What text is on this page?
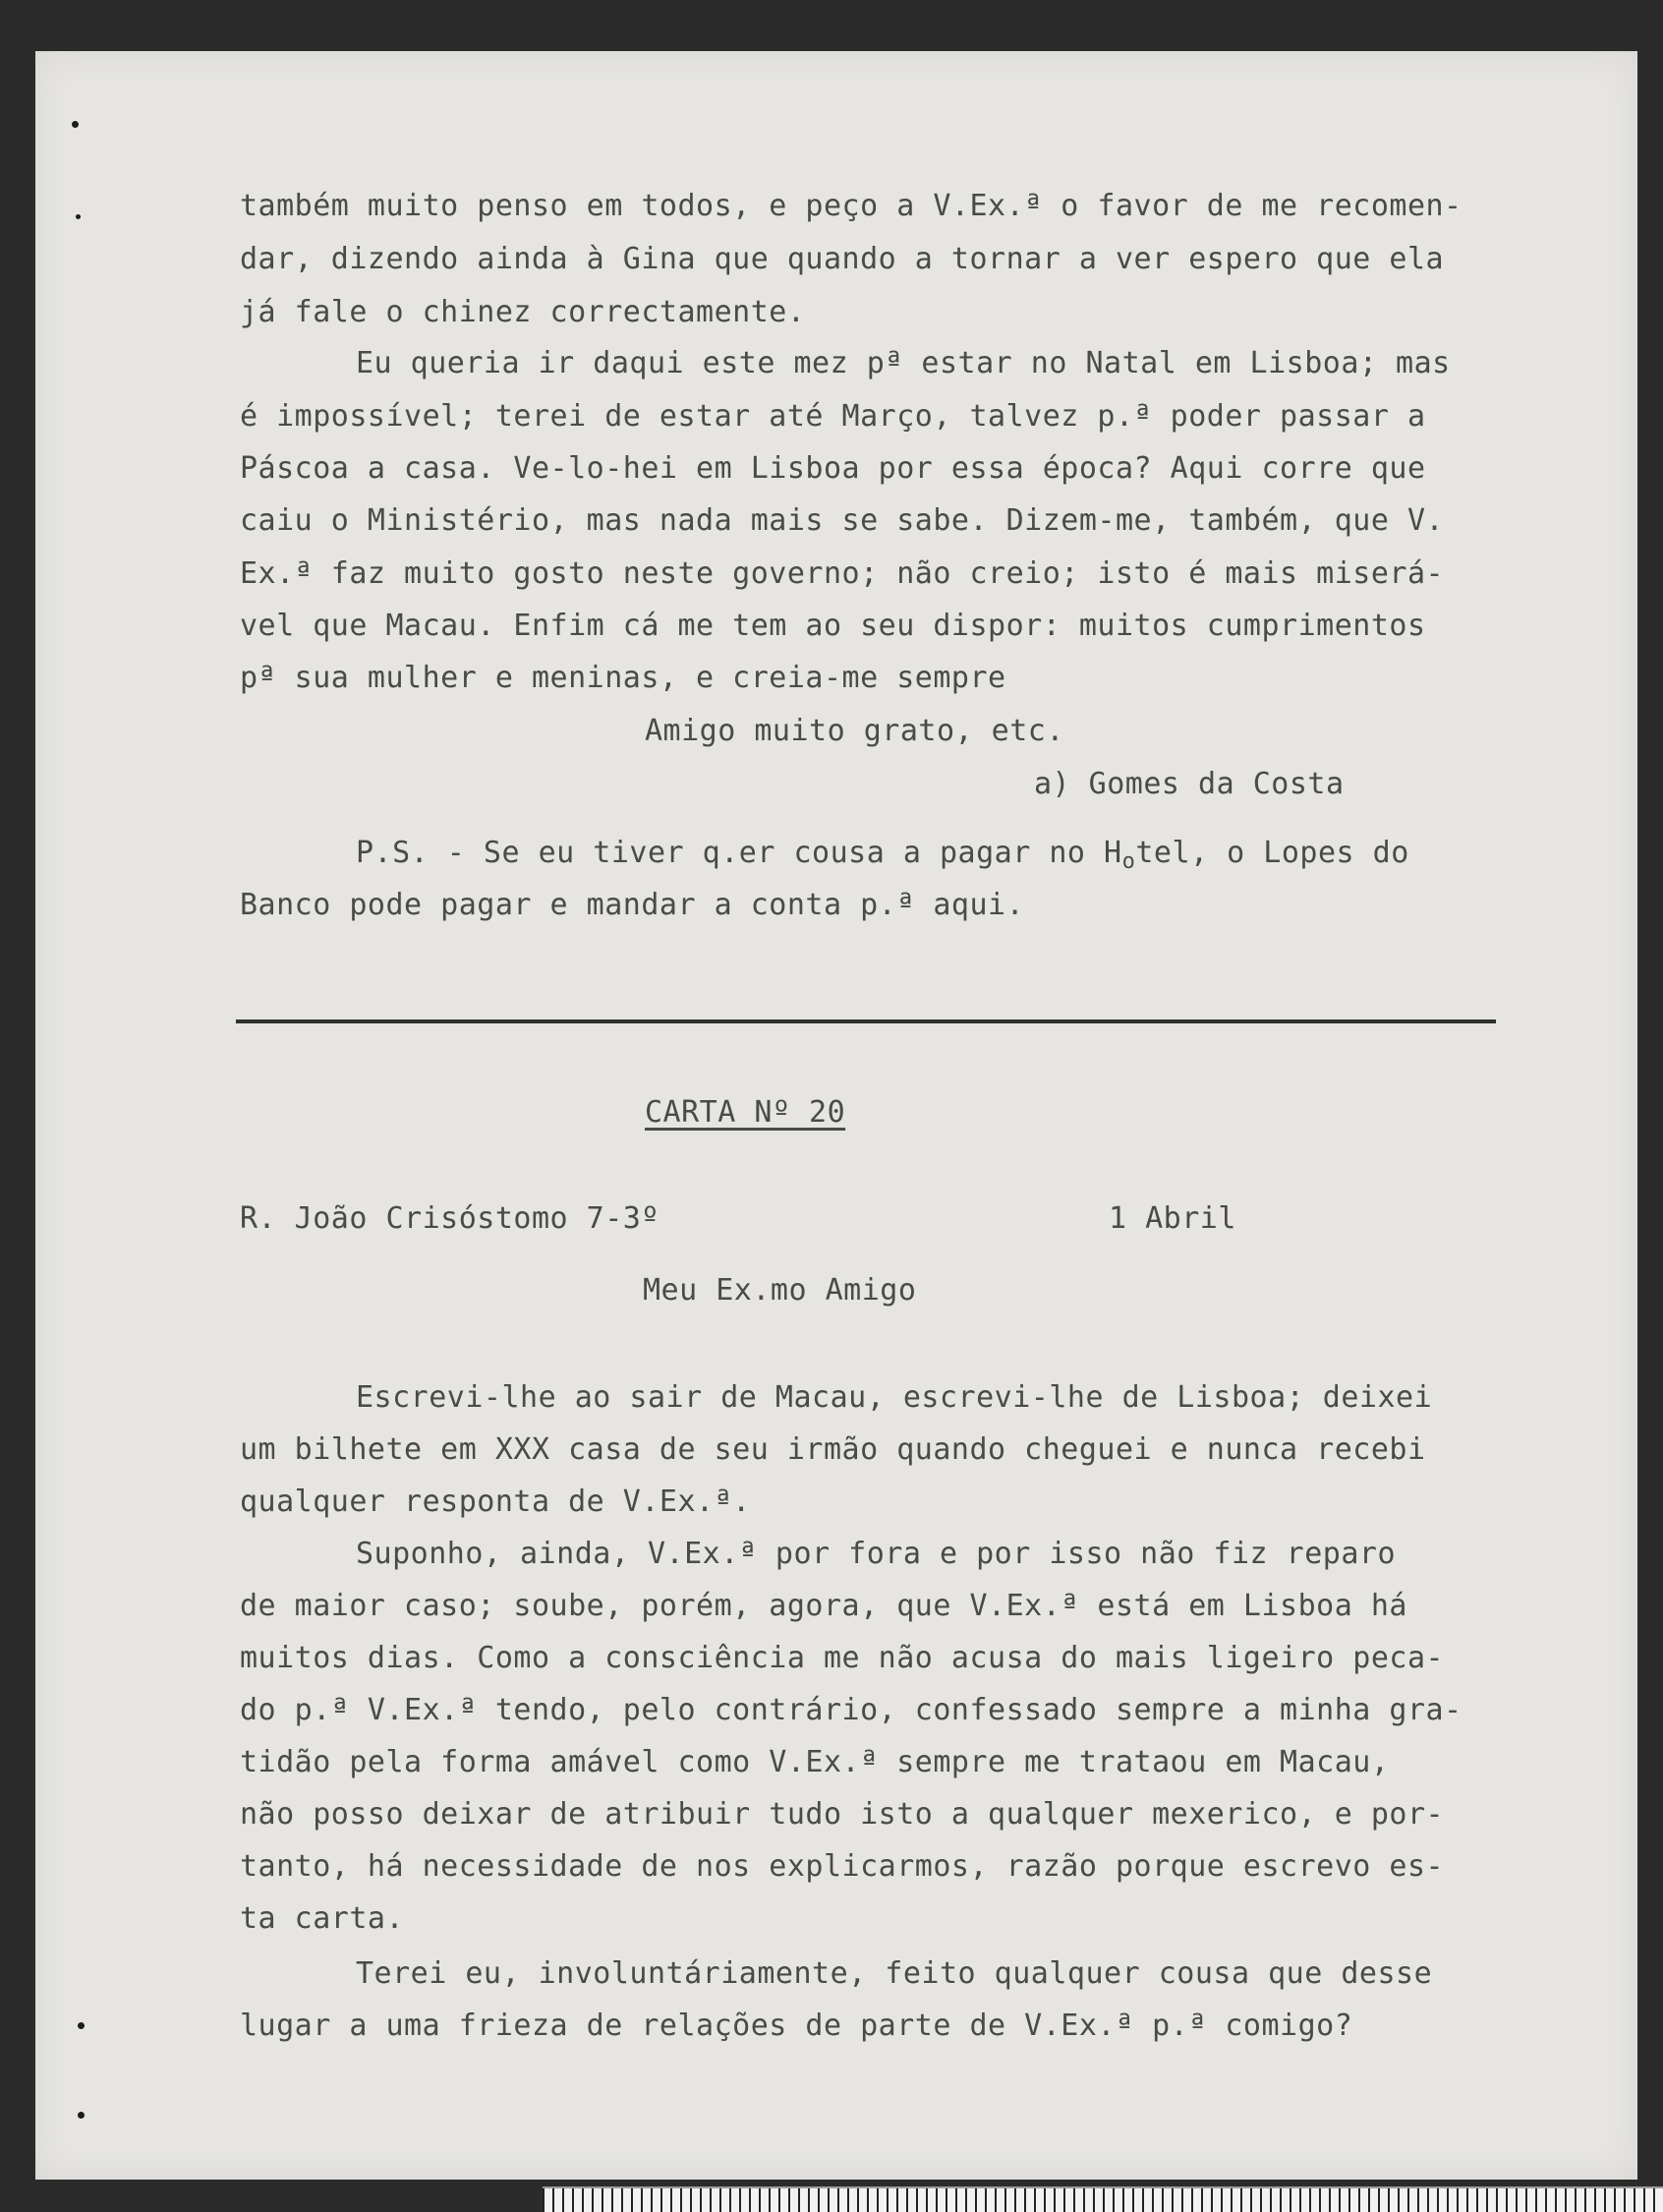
também muito penso em todos, e peço a V.Ex.ª o favor de me recomen-

dar, dizendo ainda à Gina que quando a tornar a ver espero que ela

já fale o chinez correctamente.

Eu queria ir daqui este mez pª estar no Natal em Lisboa; mas

é impossível; terei de estar até Março, talvez p.ª poder passar a

Páscoa a casa. Ve-lo-hei em Lisboa por essa época? Aqui corre que

caiu o Ministério, mas nada mais se sabe. Dizem-me, também, que V.

Ex.ª faz muito gosto neste governo; não creio; isto é mais miserá-

vel que Macau. Enfim cá me tem ao seu dispor: muitos cumprimentos

pª sua mulher e meninas, e creia-me sempre

Amigo muito grato, etc.

a) Gomes da Costa

P.S. - Se eu tiver q.er cousa a pagar no $H_otel$, o Lopes do

Banco pode pagar e mandar a conta p.ª aqui.

CARTA Nº 20

R. João Crisóstomo 7-3º

	1 Abril

Meu Ex.mo Amigo

Escrevi-lhe ao sair de Macau, escrevi-lhe de Lisboa; deixei

um bilhete em XXX casa de seu irmão quando cheguei e nunca recebi

qualquer responta de V.Ex.ª.

Suponho, ainda, V.Ex.ª por fora e por isso não fiz reparo

de maior caso; soube, porém, agora, que V.Ex.ª está em Lisboa há

muitos dias. Como a consciência me não acusa do mais ligeiro peca-

do p.ª V.Ex.ª tendo, pelo contrário, confessado sempre a minha gra-

tidão pela forma amável como V.Ex.ª sempre me trataou em Macau,

não posso deixar de atribuir tudo isto a qualquer mexerico, e por-

tanto, há necessidade de nos explicarmos, razão porque escrevo es-

ta carta.

Terei eu, involuntáriamente, feito qualquer cousa que desse

lugar a uma frieza de relações de parte de V.Ex.ª p.ª comigo?
